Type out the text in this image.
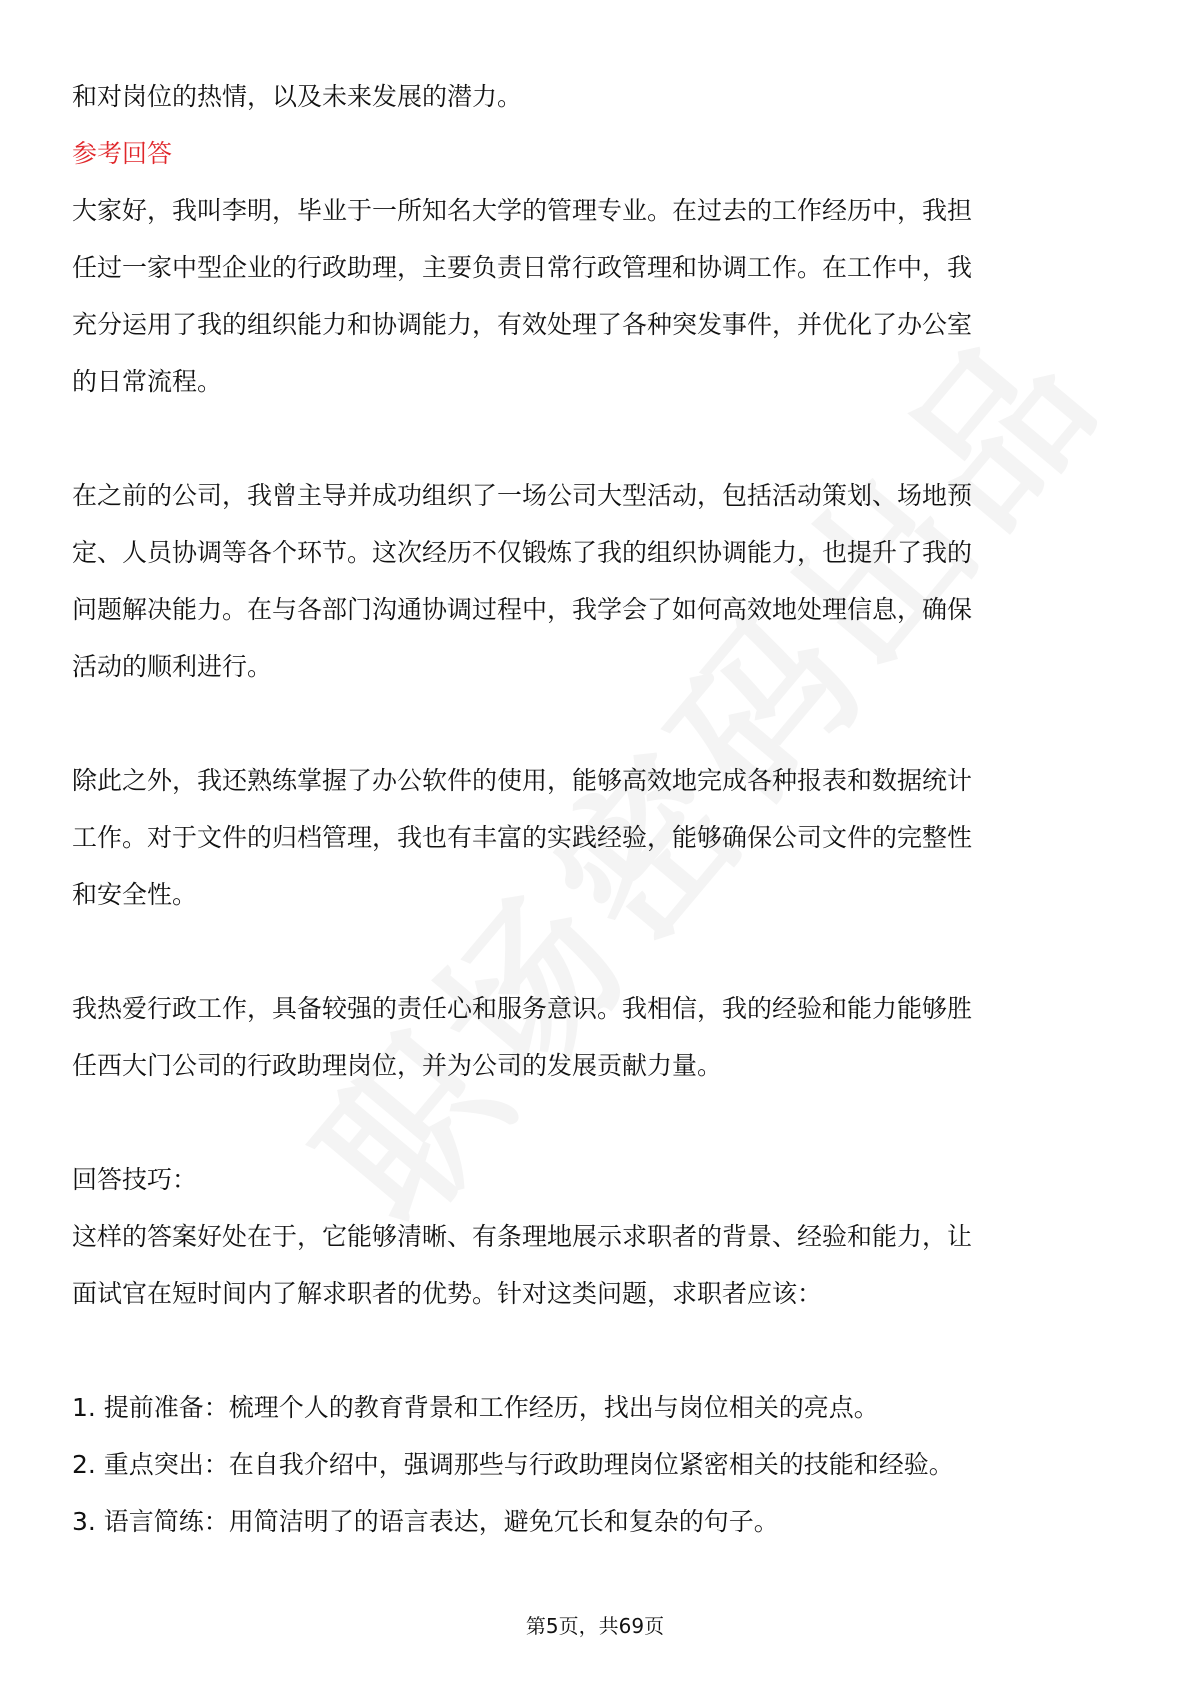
和对岗位的热情，以及未来发展的潜力。

参考回答

大家好，我叫李明，毕业于一所知名大学的管理专业。在过去的工作经历中，我担

任过一家中型企业的行政助理，主要负责日常行政管理和协调工作。在工作中，我

充分运用了我的组织能力和协调能力，有效处理了各种突发事件，并优化了办公室

的日常流程。

在之前的公司，我曾主导并成功组织了一场公司大型活动，包括活动策划、场地预

定、人员协调等各个环节。这次经历不仅锻炼了我的组织协调能力，也提升了我的

问题解决能力。在与各部门沟通协调过程中，我学会了如何高效地处理信息，确保

活动的顺利进行。

除此之外，我还熟练掌握了办公软件的使用，能够高效地完成各种报表和数据统计

工作。对于文件的归档管理，我也有丰富的实践经验，能够确保公司文件的完整性

和安全性。

我热爱行政工作，具备较强的责任心和服务意识。我相信，我的经验和能力能够胜

任西大门公司的行政助理岗位，并为公司的发展贡献力量。

回答技巧：

这样的答案好处在于，它能够清晰、有条理地展示求职者的背景、经验和能力，让

面试官在短时间内了解求职者的优势。针对这类问题，求职者应该：

1. 提前准备：梳理个人的教育背景和工作经历，找出与岗位相关的亮点。

2. 重点突出：在自我介绍中，强调那些与行政助理岗位紧密相关的技能和经验。

3. 语言简练：用简洁明了的语言表达，避免冗长和复杂的句子。

第5页，共69页
